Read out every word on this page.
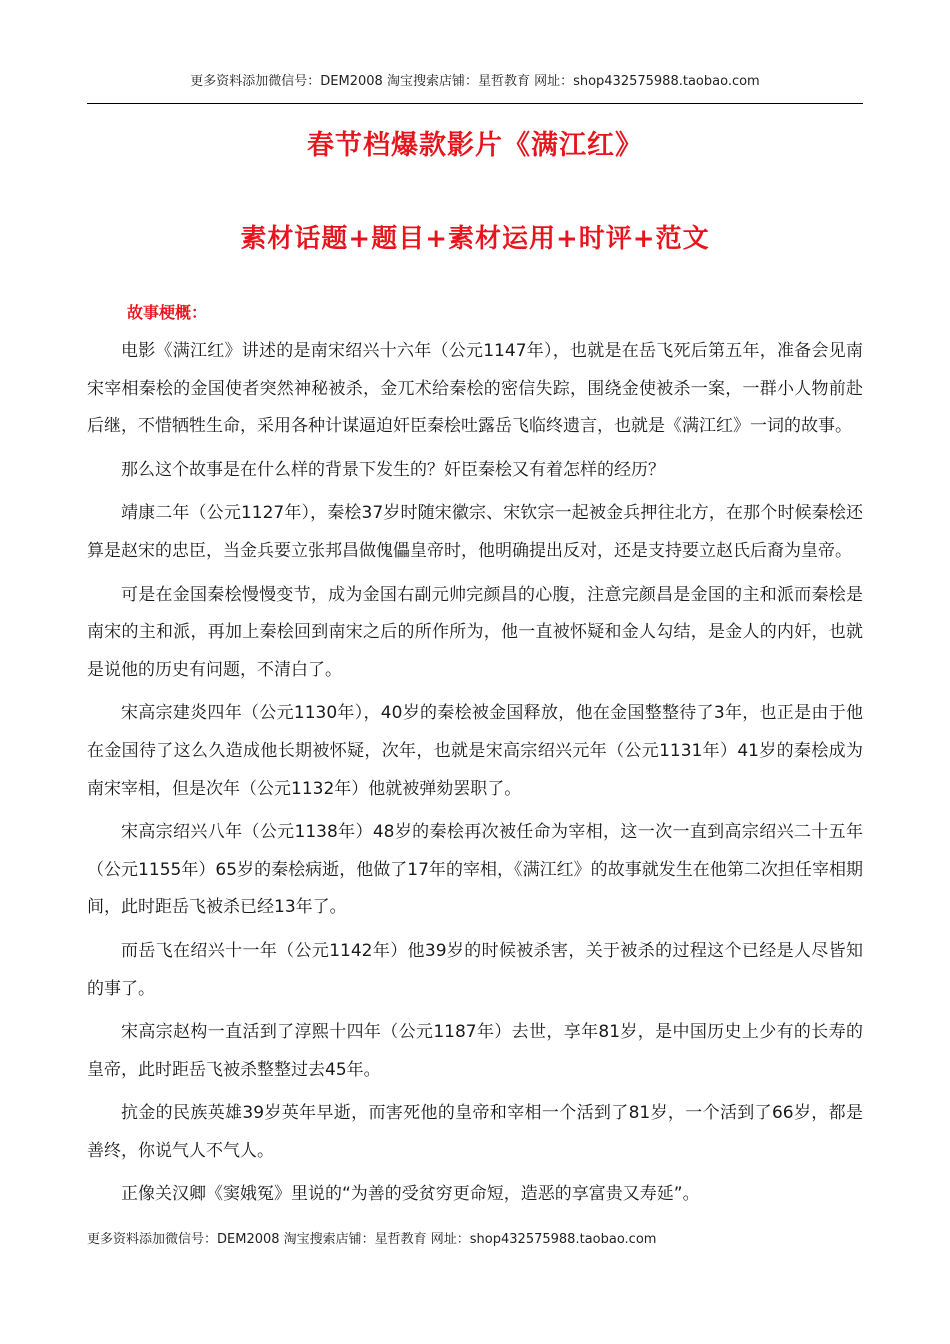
更多资料添加微信号：DEM2008 淘宝搜索店铺：星哲教育 网址：shop432575988.taobao.com
春节档爆款影片《满江红》
素材话题+题目+素材运用+时评+范文
故事梗概：

电影《满江红》讲述的是南宋绍兴十六年（公元1147年），也就是在岳飞死后第五年，准备会见南宋宰相秦桧的金国使者突然神秘被杀，金兀术给秦桧的密信失踪，围绕金使被杀一案，一群小人物前赴后继，不惜牺牲生命，采用各种计谋逼迫奸臣秦桧吐露岳飞临终遗言，也就是《满江红》一词的故事。

那么这个故事是在什么样的背景下发生的？奸臣秦桧又有着怎样的经历？

靖康二年（公元1127年），秦桧37岁时随宋徽宗、宋钦宗一起被金兵押往北方，在那个时候秦桧还算是赵宋的忠臣，当金兵要立张邦昌做傀儡皇帝时，他明确提出反对，还是支持要立赵氏后裔为皇帝。

可是在金国秦桧慢慢变节，成为金国右副元帅完颜昌的心腹，注意完颜昌是金国的主和派而秦桧是南宋的主和派，再加上秦桧回到南宋之后的所作所为，他一直被怀疑和金人勾结，是金人的内奸，也就是说他的历史有问题，不清白了。

宋高宗建炎四年（公元1130年），40岁的秦桧被金国释放，他在金国整整待了3年，也正是由于他在金国待了这么久造成他长期被怀疑，次年，也就是宋高宗绍兴元年（公元1131年）41岁的秦桧成为南宋宰相，但是次年（公元1132年）他就被弹劾罢职了。

宋高宗绍兴八年（公元1138年）48岁的秦桧再次被任命为宰相，这一次一直到高宗绍兴二十五年（公元1155年）65岁的秦桧病逝，他做了17年的宰相，《满江红》的故事就发生在他第二次担任宰相期间，此时距岳飞被杀已经13年了。

而岳飞在绍兴十一年（公元1142年）他39岁的时候被杀害，关于被杀的过程这个已经是人尽皆知的事了。

宋高宗赵构一直活到了淳熙十四年（公元1187年）去世，享年81岁，是中国历史上少有的长寿的皇帝，此时距岳飞被杀整整过去45年。

抗金的民族英雄39岁英年早逝，而害死他的皇帝和宰相一个活到了81岁，一个活到了66岁，都是善终，你说气人不气人。

正像关汉卿《窦娥冤》里说的“为善的受贫穷更命短，造恶的享富贵又寿延”。

更多资料添加微信号：DEM2008 淘宝搜索店铺：星哲教育 网址：shop432575988.taobao.com
